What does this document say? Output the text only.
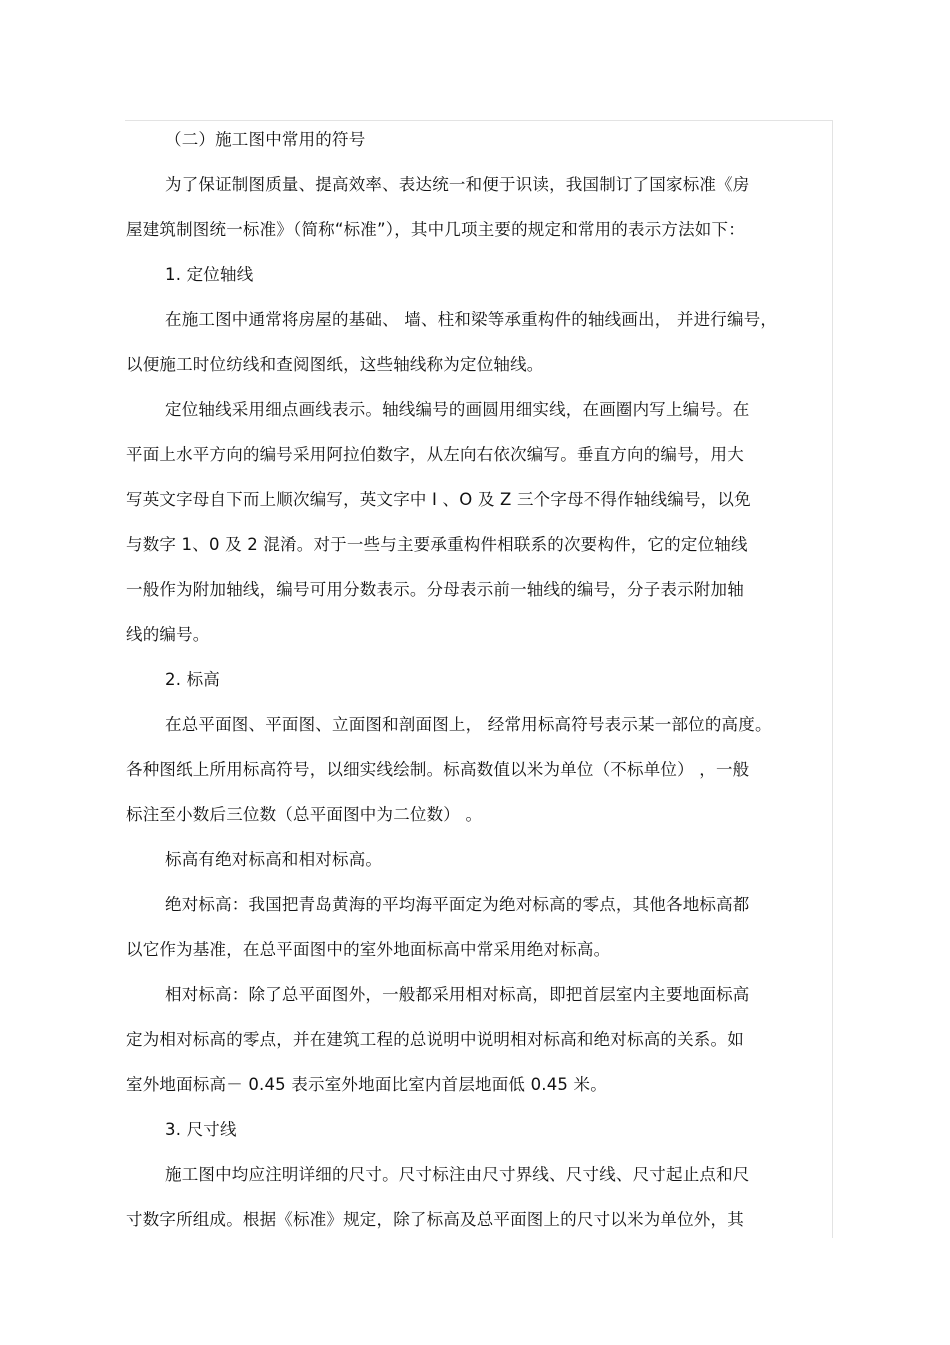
（二）施工图中常用的符号
为了保证制图质量、提高效率、表达统一和便于识读，我国制订了国家标准《房
屋建筑制图统一标准》（简称“标准”），其中几项主要的规定和常用的表示方法如下：
1. 定位轴线
在施工图中通常将房屋的基础、 墙、柱和梁等承重构件的轴线画出， 并进行编号，
以便施工时位纺线和查阅图纸，这些轴线称为定位轴线。
定位轴线采用细点画线表示。轴线编号的画圆用细实线，在画圈内写上编号。在
平面上水平方向的编号采用阿拉伯数字，从左向右依次编写。垂直方向的编号，用大
写英文字母自下而上顺次编写，英文字中 I 、O 及 Z 三个字母不得作轴线编号，以免
与数字 1、0 及 2 混淆。对于一些与主要承重构件相联系的次要构件，它的定位轴线
一般作为附加轴线，编号可用分数表示。分母表示前一轴线的编号，分子表示附加轴
线的编号。
2. 标高
在总平面图、平面图、立面图和剖面图上， 经常用标高符号表示某一部位的高度。
各种图纸上所用标高符号，以细实线绘制。标高数值以米为单位（不标单位） ，一般
标注至小数后三位数（总平面图中为二位数） 。
标高有绝对标高和相对标高。
绝对标高：我国把青岛黄海的平均海平面定为绝对标高的零点，其他各地标高都
以它作为基准，在总平面图中的室外地面标高中常采用绝对标高。
相对标高：除了总平面图外，一般都采用相对标高，即把首层室内主要地面标高
定为相对标高的零点，并在建筑工程的总说明中说明相对标高和绝对标高的关系。如
室外地面标高－ 0.45 表示室外地面比室内首层地面低 0.45 米。
3. 尺寸线
施工图中均应注明详细的尺寸。尺寸标注由尺寸界线、尺寸线、尺寸起止点和尺
寸数字所组成。根据《标准》规定，除了标高及总平面图上的尺寸以米为单位外，其
